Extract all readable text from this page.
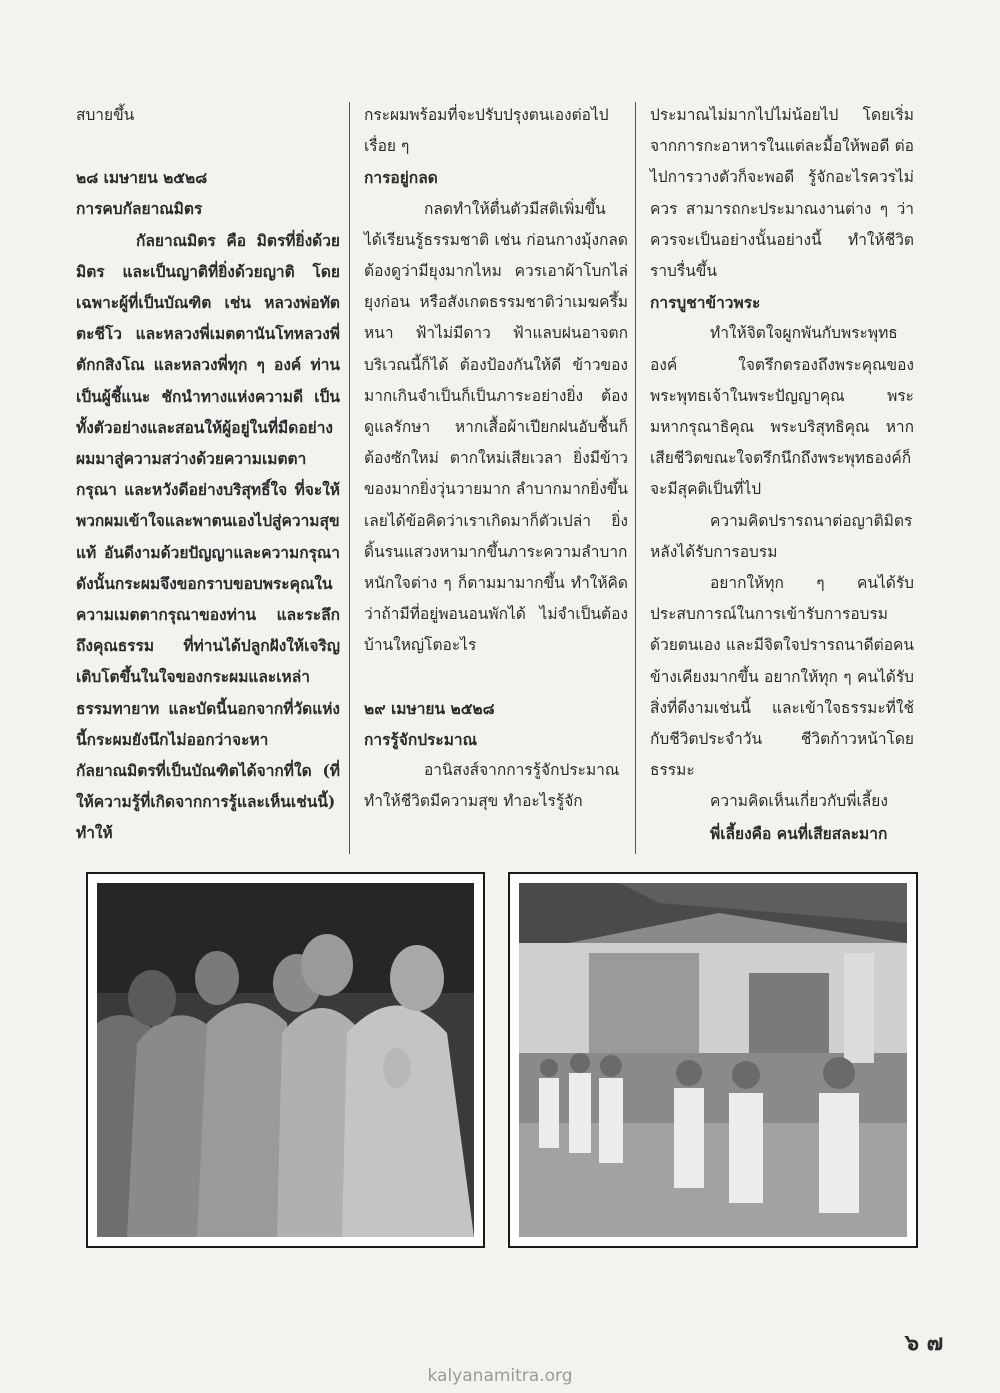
สบายขึ้น

๒๘ เมษายน ๒๕๒๘

การคบกัลยาณมิตร

กัลยาณมิตร คือ มิตรที่ยิ่งด้วยมิตร และเป็นญาติที่ยิ่งด้วยญาติ โดยเฉพาะผู้ที่เป็นบัณฑิต เช่น หลวงพ่อทัตตะชีโว และหลวงพี่เมตตานันโทหลวงพี่ตักกสิงโณ และหลวงพี่ทุก ๆ องค์ ท่านเป็นผู้ชี้แนะ ชักนำทางแห่งความดี เป็นทั้งตัวอย่างและสอนให้ผู้อยู่ในที่มืดอย่างผมมาสู่ความสว่างด้วยความเมตตา กรุณา และหวังดีอย่างบริสุทธิ์ใจ ที่จะให้พวกผมเข้าใจและพาตนเองไปสู่ความสุขแท้ อันดีงามด้วยปัญญาและความกรุณา ดังนั้นกระผมจึงขอกราบขอบพระคุณในความเมตตากรุณาของท่าน และระลึกถึงคุณธรรม ที่ท่านได้ปลูกฝังให้เจริญเติบโตขึ้นในใจของกระผมและเหล่าธรรมทายาท และบัดนี้นอกจากที่วัดแห่งนี้กระผมยังนึกไม่ออกว่าจะหากัลยาณมิตรที่เป็นบัณฑิตได้จากที่ใด (ที่ให้ความรู้ที่เกิดจากการรู้และเห็นเช่นนี้) ทำให้

กระผมพร้อมที่จะปรับปรุงตนเองต่อไปเรื่อย ๆ

การอยู่กลด

กลดทำให้ตื่นตัวมีสติเพิ่มขึ้น ได้เรียนรู้ธรรมชาติ เช่น ก่อนกางมุ้งกลดต้องดูว่ามียุงมากไหม ควรเอาผ้าโบกไล่ยุงก่อน หรือสังเกตธรรมชาติว่าเมฆครึ้มหนา ฟ้าไม่มีดาว ฟ้าแลบฝนอาจตกบริเวณนี้ก็ได้ ต้องป้องกันให้ดี ข้าวของมากเกินจำเป็นก็เป็นภาระอย่างยิ่ง ต้องดูแลรักษา หากเสื้อผ้าเปียกฝนอับชื้นก็ต้องซักใหม่ ตากใหม่เสียเวลา ยิ่งมีข้าวของมากยิ่งวุ่นวายมาก ลำบากมากยิ่งขึ้น เลยได้ข้อคิดว่าเราเกิดมาก็ตัวเปล่า ยิ่งดิ้นรนแสวงหามากขึ้นภาระความลำบากหนักใจต่าง ๆ ก็ตามมามากขึ้น ทำให้คิดว่าถ้ามีที่อยู่พอนอนพักได้ ไม่จำเป็นต้องบ้านใหญ่โตอะไร

๒๙ เมษายน ๒๕๒๘

การรู้จักประมาณ

อานิสงส์จากการรู้จักประมาณทำให้ชีวิตมีความสุข ทำอะไรรู้จัก

ประมาณไม่มากไปไม่น้อยไป โดยเริ่มจากการกะอาหารในแต่ละมื้อให้พอดี ต่อไปการวางตัวก็จะพอดี รู้จักอะไรควรไม่ควร สามารถกะประมาณงานต่าง ๆ ว่าควรจะเป็นอย่างนั้นอย่างนี้ ทำให้ชีวิตราบรื่นขึ้น

การบูชาข้าวพระ

ทำให้จิตใจผูกพันกับพระพุทธองค์ ใจตรึกตรองถึงพระคุณของพระพุทธเจ้าในพระปัญญาคุณ พระมหากรุณาธิคุณ พระบริสุทธิคุณ หากเสียชีวิตขณะใจตรึกนึกถึงพระพุทธองค์ก็จะมีสุคติเป็นที่ไป

ความคิดปรารถนาต่อญาติมิตรหลังได้รับการอบรม

อยากให้ทุก ๆ คนได้รับประสบการณ์ในการเข้ารับการอบรมด้วยตนเอง และมีจิตใจปรารถนาดีต่อคนข้างเคียงมากขึ้น อยากให้ทุก ๆ คนได้รับสิ่งที่ดีงามเช่นนี้ และเข้าใจธรรมะที่ใช้กับชีวิตประจำวัน ชีวิตก้าวหน้าโดยธรรมะ

ความคิดเห็นเกี่ยวกับพี่เลี้ยง

พี่เลี้ยงคือ คนที่เสียสละมาก

๖ ๗
kalyanamitra.org
